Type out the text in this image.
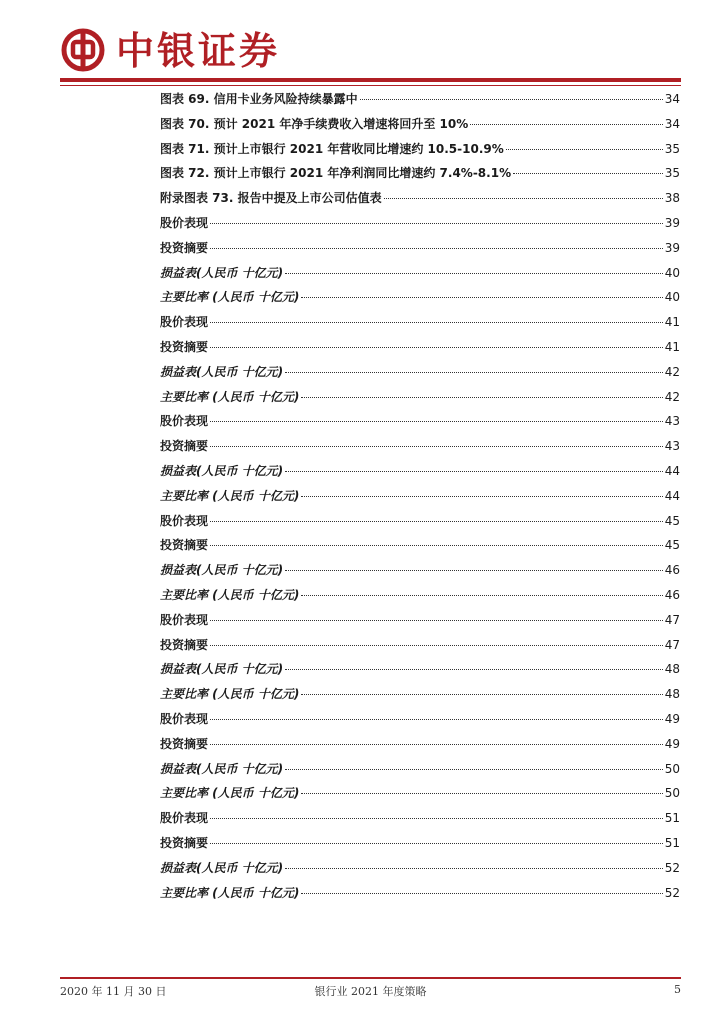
中银证券
图表 69. 信用卡业务风险持续暴露中	34
图表 70. 预计 2021 年净手续费收入增速将回升至 10%	34
图表 71. 预计上市银行 2021 年营收同比增速约 10.5-10.9%	35
图表 72. 预计上市银行 2021 年净利润同比增速约 7.4%-8.1%	35
附录图表 73. 报告中提及上市公司估值表	38
股价表现	39
投资摘要	39
损益表(人民币 十亿元)	40
主要比率 (人民币 十亿元)	40
股价表现	41
投资摘要	41
损益表(人民币 十亿元)	42
主要比率 (人民币 十亿元)	42
股价表现	43
投资摘要	43
损益表(人民币 十亿元)	44
主要比率 (人民币 十亿元)	44
股价表现	45
投资摘要	45
损益表(人民币 十亿元)	46
主要比率 (人民币 十亿元)	46
股价表现	47
投资摘要	47
损益表(人民币 十亿元)	48
主要比率 (人民币 十亿元)	48
股价表现	49
投资摘要	49
损益表(人民币 十亿元)	50
主要比率 (人民币 十亿元)	50
股价表现	51
投资摘要	51
损益表(人民币 十亿元)	52
主要比率 (人民币 十亿元)	52
2020 年 11 月 30 日	银行业 2021 年度策略	5
